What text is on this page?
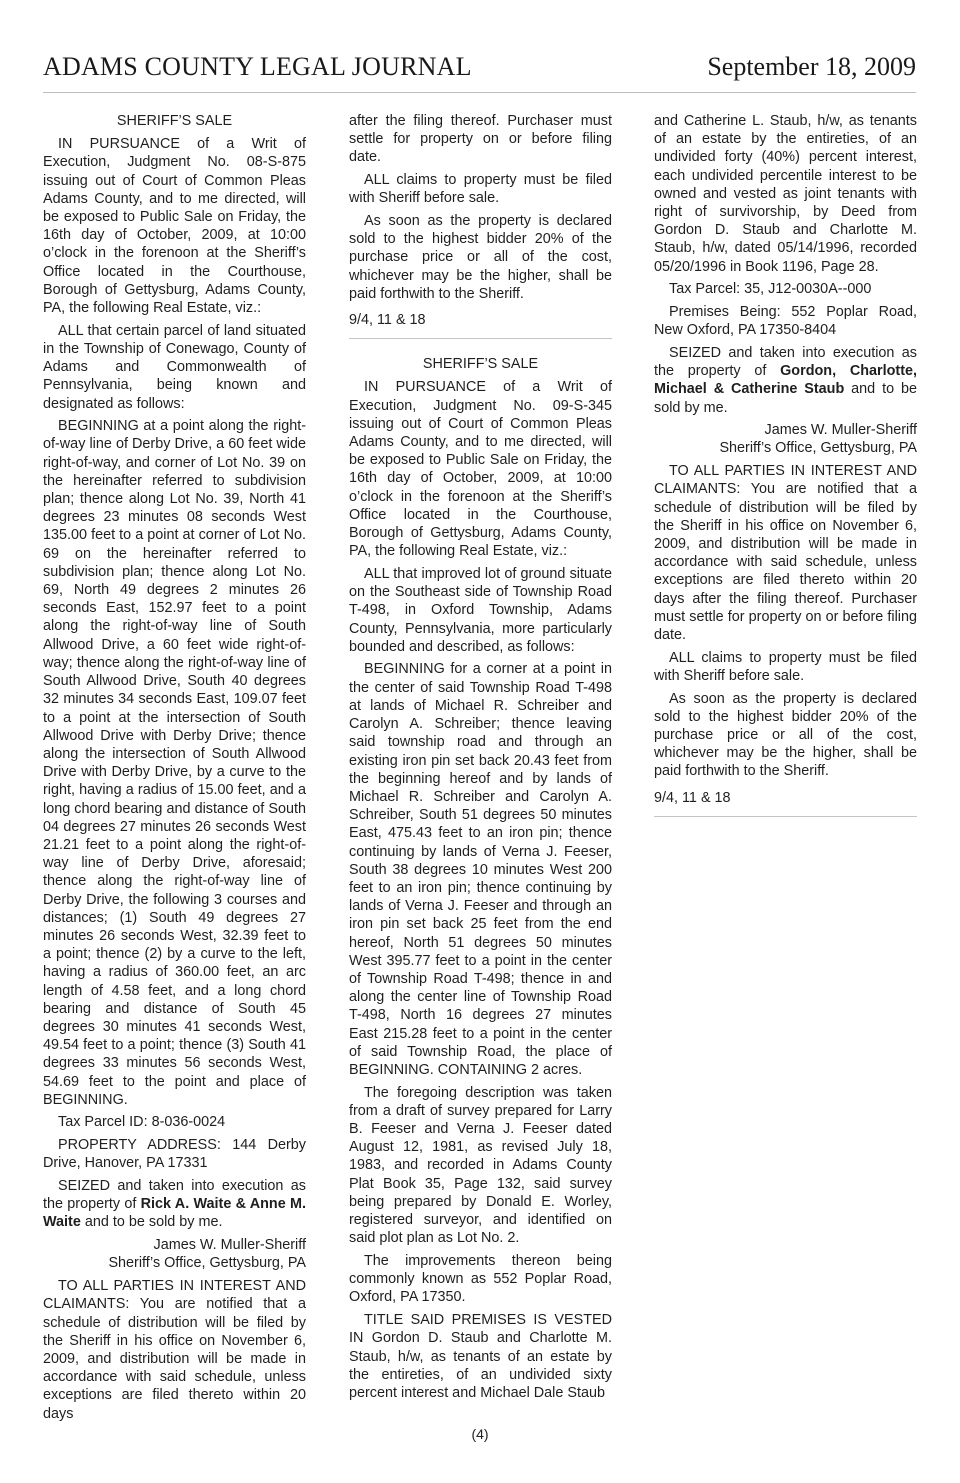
ADAMS COUNTY LEGAL JOURNAL	September 18, 2009

SHERIFF’S SALE

IN PURSUANCE of a Writ of Execution, Judgment No. 08-S-875 issuing out of Court of Common Pleas Adams County, and to me directed, will be exposed to Public Sale on Friday, the 16th day of October, 2009, at 10:00 o’clock in the forenoon at the Sheriff’s Office located in the Courthouse, Borough of Gettysburg, Adams County, PA, the following Real Estate, viz.:

ALL that certain parcel of land situated in the Township of Conewago, County of Adams and Commonwealth of Pennsylvania, being known and designated as follows:

BEGINNING at a point along the right-of-way line of Derby Drive, a 60 feet wide right-of-way, and corner of Lot No. 39 on the hereinafter referred to subdivision plan; thence along Lot No. 39, North 41 degrees 23 minutes 08 seconds West 135.00 feet to a point at corner of Lot No. 69 on the hereinafter referred to subdivision plan; thence along Lot No. 69, North 49 degrees 2 minutes 26 seconds East, 152.97 feet to a point along the right-of-way line of South Allwood Drive, a 60 feet wide right-of-way; thence along the right-of-way line of South Allwood Drive, South 40 degrees 32 minutes 34 seconds East, 109.07 feet to a point at the intersection of South Allwood Drive with Derby Drive; thence along the intersection of South Allwood Drive with Derby Drive, by a curve to the right, having a radius of 15.00 feet, and a long chord bearing and distance of South 04 degrees 27 minutes 26 seconds West 21.21 feet to a point along the right-of-way line of Derby Drive, aforesaid; thence along the right-of-way line of Derby Drive, the following 3 courses and distances; (1) South 49 degrees 27 minutes 26 seconds West, 32.39 feet to a point; thence (2) by a curve to the left, having a radius of 360.00 feet, an arc length of 4.58 feet, and a long chord bearing and distance of South 45 degrees 30 minutes 41 seconds West, 49.54 feet to a point; thence (3) South 41 degrees 33 minutes 56 seconds West, 54.69 feet to the point and place of BEGINNING.

Tax Parcel ID: 8-036-0024

PROPERTY ADDRESS: 144 Derby Drive, Hanover, PA 17331

SEIZED and taken into execution as the property of Rick A. Waite & Anne M. Waite and to be sold by me.

James W. Muller-Sheriff

Sheriff’s Office, Gettysburg, PA

TO ALL PARTIES IN INTEREST AND CLAIMANTS: You are notified that a schedule of distribution will be filed by the Sheriff in his office on November 6, 2009, and distribution will be made in accordance with said schedule, unless exceptions are filed thereto within 20 days

after the filing thereof. Purchaser must settle for property on or before filing date.

ALL claims to property must be filed with Sheriff before sale.

As soon as the property is declared sold to the highest bidder 20% of the purchase price or all of the cost, whichever may be the higher, shall be paid forthwith to the Sheriff.

9/4, 11 & 18

SHERIFF’S SALE

IN PURSUANCE of a Writ of Execution, Judgment No. 09-S-345 issuing out of Court of Common Pleas Adams County, and to me directed, will be exposed to Public Sale on Friday, the 16th day of October, 2009, at 10:00 o’clock in the forenoon at the Sheriff’s Office located in the Courthouse, Borough of Gettysburg, Adams County, PA, the following Real Estate, viz.:

ALL that improved lot of ground situate on the Southeast side of Township Road T-498, in Oxford Township, Adams County, Pennsylvania, more particularly bounded and described, as follows:

BEGINNING for a corner at a point in the center of said Township Road T-498 at lands of Michael R. Schreiber and Carolyn A. Schreiber; thence leaving said township road and through an existing iron pin set back 20.43 feet from the beginning hereof and by lands of Michael R. Schreiber and Carolyn A. Schreiber, South 51 degrees 50 minutes East, 475.43 feet to an iron pin; thence continuing by lands of Verna J. Feeser, South 38 degrees 10 minutes West 200 feet to an iron pin; thence continuing by lands of Verna J. Feeser and through an iron pin set back 25 feet from the end hereof, North 51 degrees 50 minutes West 395.77 feet to a point in the center of Township Road T-498; thence in and along the center line of Township Road T-498, North 16 degrees 27 minutes East 215.28 feet to a point in the center of said Township Road, the place of BEGINNING. CONTAINING 2 acres.

The foregoing description was taken from a draft of survey prepared for Larry B. Feeser and Verna J. Feeser dated August 12, 1981, as revised July 18, 1983, and recorded in Adams County Plat Book 35, Page 132, said survey being prepared by Donald E. Worley, registered surveyor, and identified on said plot plan as Lot No. 2.

The improvements thereon being commonly known as 552 Poplar Road, Oxford, PA 17350.

TITLE SAID PREMISES IS VESTED IN Gordon D. Staub and Charlotte M. Staub, h/w, as tenants of an estate by the entireties, of an undivided sixty percent interest and Michael Dale Staub

and Catherine L. Staub, h/w, as tenants of an estate by the entireties, of an undivided forty (40%) percent interest, each undivided percentile interest to be owned and vested as joint tenants with right of survivorship, by Deed from Gordon D. Staub and Charlotte M. Staub, h/w, dated 05/14/1996, recorded 05/20/1996 in Book 1196, Page 28.

Tax Parcel: 35, J12-0030A--000

Premises Being: 552 Poplar Road, New Oxford, PA 17350-8404

SEIZED and taken into execution as the property of Gordon, Charlotte, Michael & Catherine Staub and to be sold by me.

James W. Muller-Sheriff

Sheriff’s Office, Gettysburg, PA

TO ALL PARTIES IN INTEREST AND CLAIMANTS: You are notified that a schedule of distribution will be filed by the Sheriff in his office on November 6, 2009, and distribution will be made in accordance with said schedule, unless exceptions are filed thereto within 20 days after the filing thereof. Purchaser must settle for property on or before filing date.

ALL claims to property must be filed with Sheriff before sale.

As soon as the property is declared sold to the highest bidder 20% of the purchase price or all of the cost, whichever may be the higher, shall be paid forthwith to the Sheriff.

9/4, 11 & 18

(4)
